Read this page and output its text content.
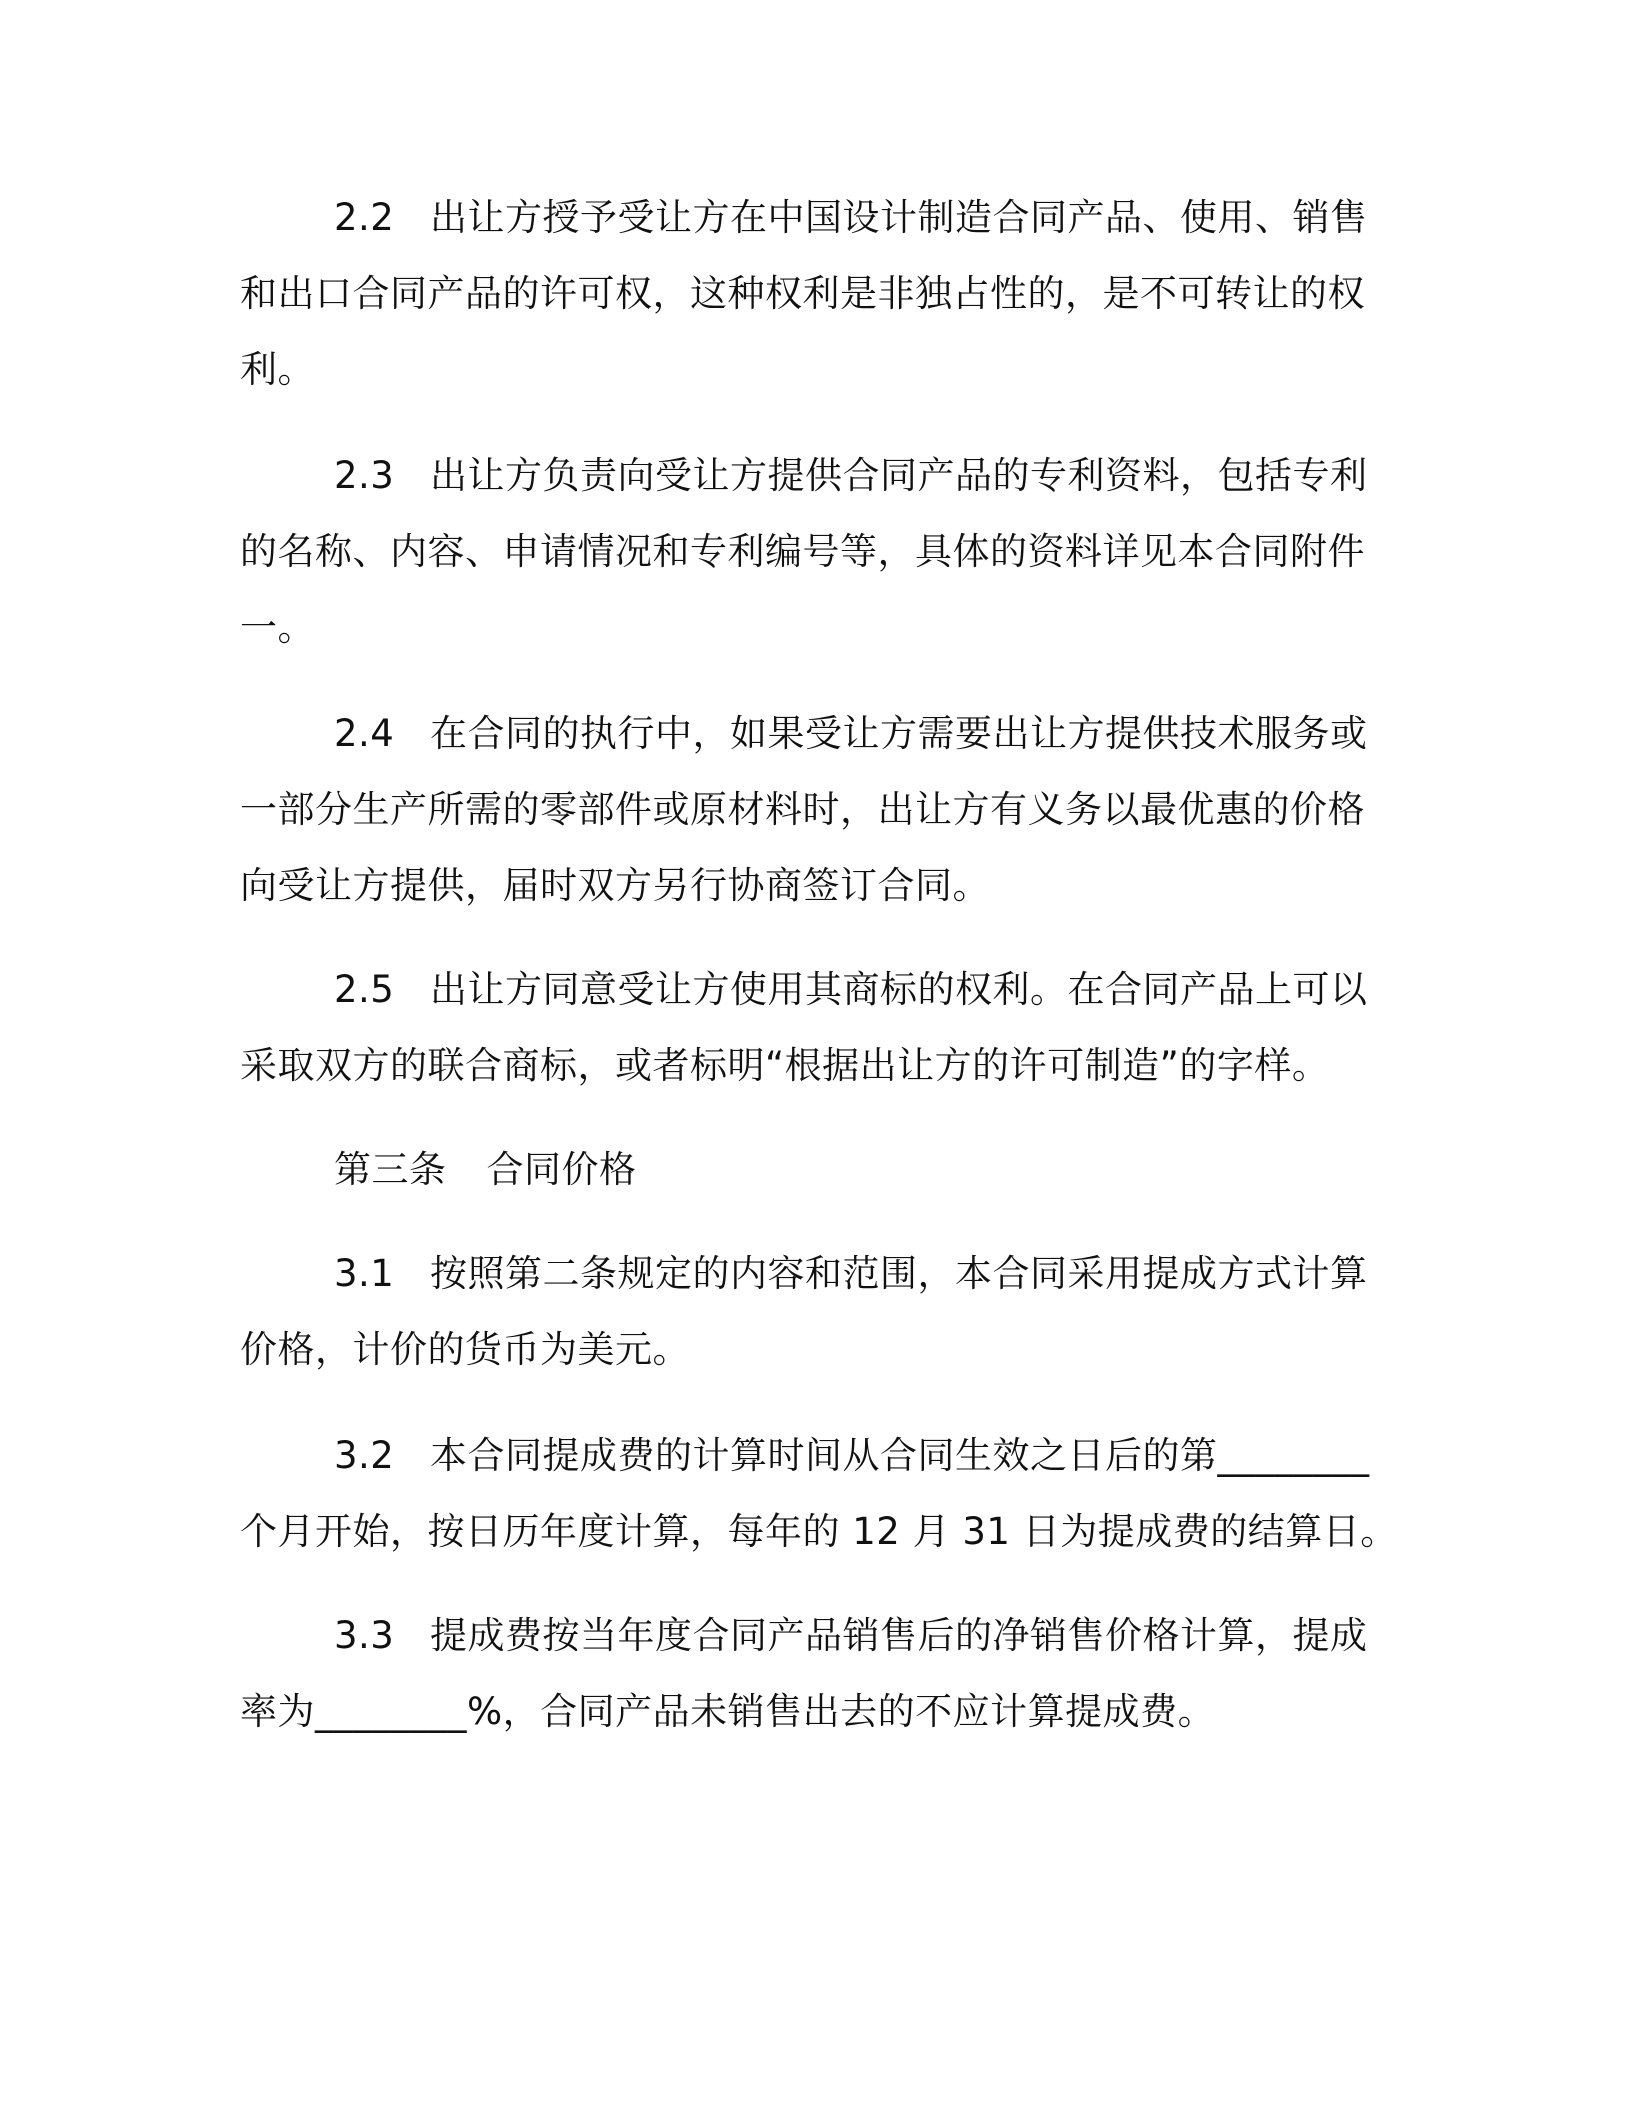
2.2 出让方授予受让方在中国设计制造合同产品、使用、销售
和出口合同产品的许可权，这种权利是非独占性的，是不可转让的权
利。
2.3 出让方负责向受让方提供合同产品的专利资料，包括专利
的名称、内容、申请情况和专利编号等，具体的资料详见本合同附件
一。
2.4 在合同的执行中，如果受让方需要出让方提供技术服务或
一部分生产所需的零部件或原材料时，出让方有义务以最优惠的价格
向受让方提供，届时双方另行协商签订合同。
2.5 出让方同意受让方使用其商标的权利。在合同产品上可以
采取双方的联合商标，或者标明“根据出让方的许可制造”的字样。
第三条 合同价格
3.1 按照第二条规定的内容和范围，本合同采用提成方式计算
价格，计价的货币为美元。
3.2 本合同提成费的计算时间从合同生效之日后的第________
个月开始，按日历年度计算，每年的 12 月 31 日为提成费的结算日。
3.3 提成费按当年度合同产品销售后的净销售价格计算，提成
率为________%，合同产品未销售出去的不应计算提成费。
